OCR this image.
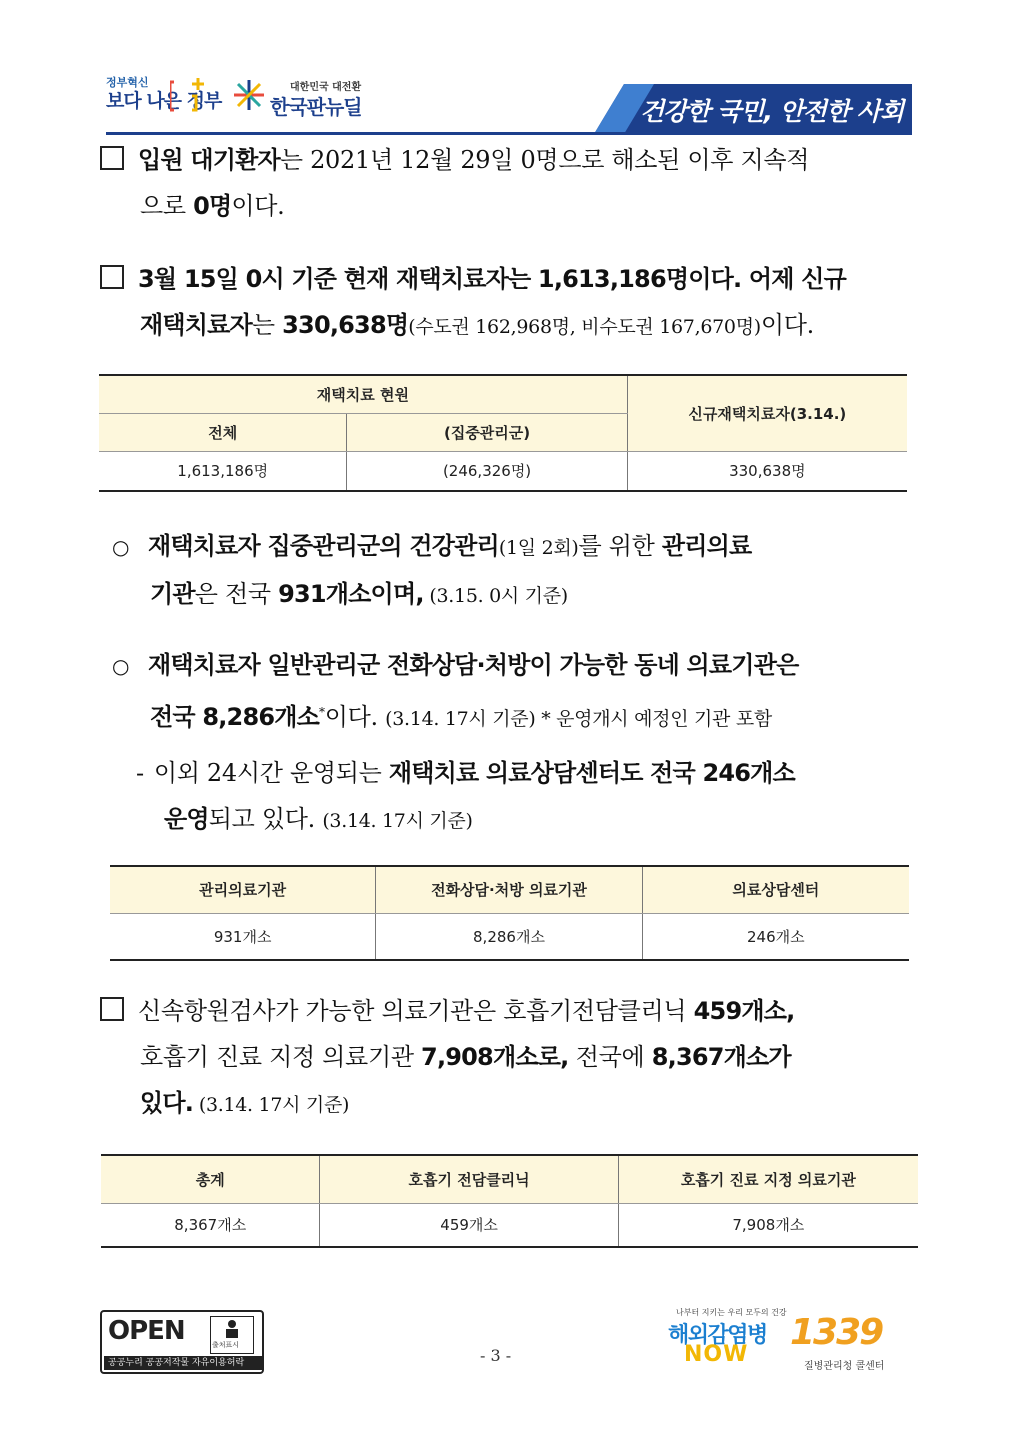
정부혁신
보다 나은 정부
대한민국 대전환
한국판뉴딜	건강한 국민, 안전한 사회
입원 대기환자는 2021년 12월 29일 0명으로 해소된 이후 지속적
으로 0명이다.
3월 15일 0시 기준 현재 재택치료자는 1,613,186명이다. 어제 신규
재택치료자는 330,638명(수도권 162,968명, 비수도권 167,670명)이다.
재택치료 현원		신규재택치료자(3.14.)
전체	(집중관리군)	
1,613,186명	(246,326명)	330,638명
○ 재택치료자 집중관리군의 건강관리(1일 2회)를 위한 관리의료
기관은 전국 931개소이며, (3.15. 0시 기준)
○ 재택치료자 일반관리군 전화상담·처방이 가능한 동네 의료기관은
전국 8,286개소*이다. (3.14. 17시 기준) * 운영개시 예정인 기관 포함
- 이외 24시간 운영되는 재택치료 의료상담센터도 전국 246개소
운영되고 있다. (3.14. 17시 기준)
관리의료기관	전화상담·처방 의료기관	의료상담센터
931개소	8,286개소	246개소
신속항원검사가 가능한 의료기관은 호흡기전담클리닉 459개소,
호흡기 진료 지정 의료기관 7,908개소로, 전국에 8,367개소가
있다. (3.14. 17시 기준)
총계	호흡기 전담클리닉	호흡기 진료 지정 의료기관
8,367개소	459개소	7,908개소
OPEN	출처표시
공공누리 공공저작물 자유이용허락	- 3 -
나부터 지키는 우리 모두의 건강
해외감염병
NOW
1339
질병관리청 콜센터
